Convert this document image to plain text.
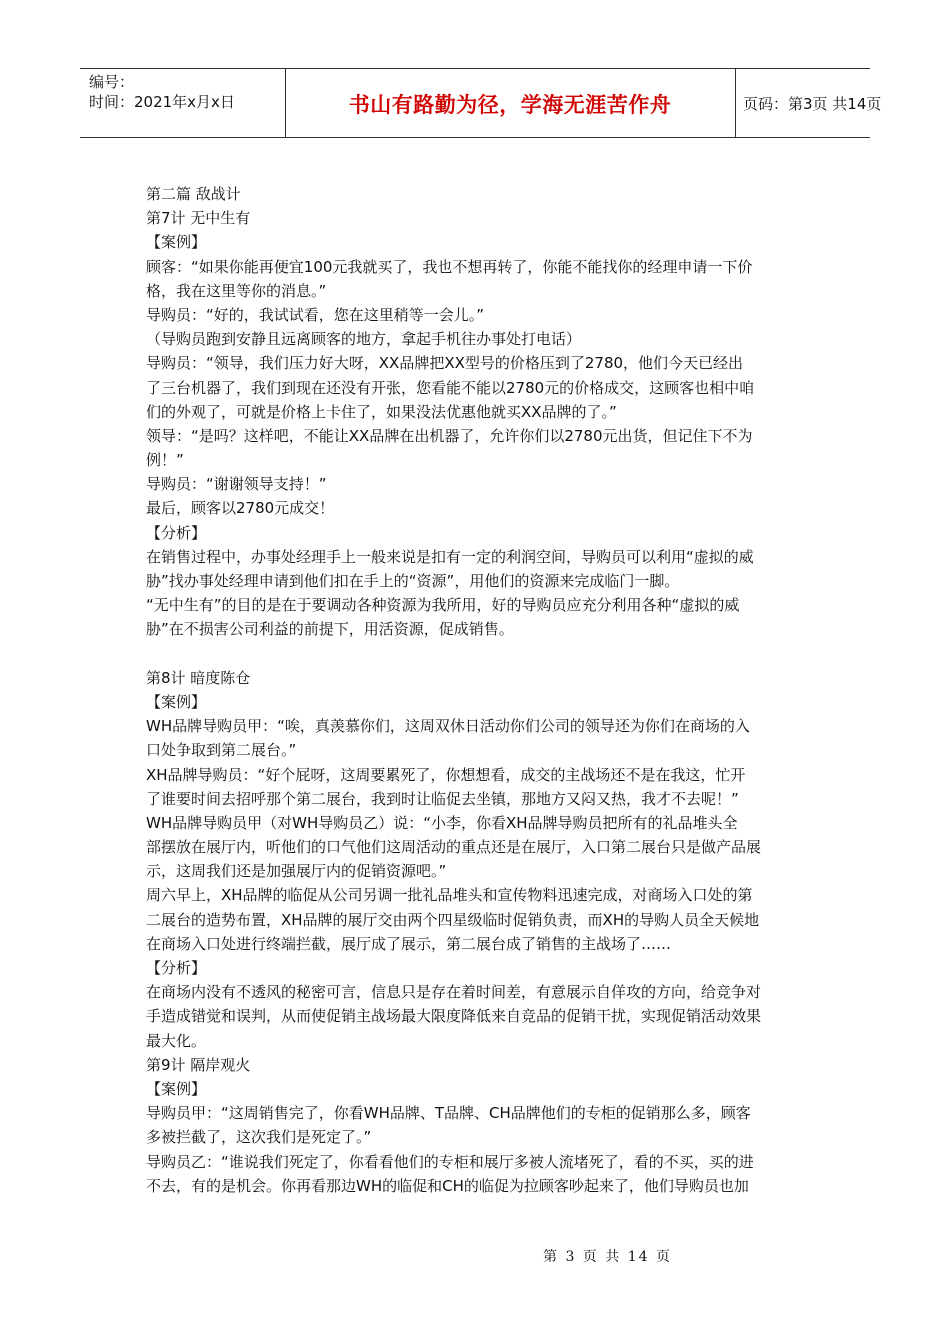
编号：
时间：2021年x月x日	书山有路勤为径，学海无涯苦作舟	页码：第3页 共14页
第二篇 敌战计
第7计 无中生有
【案例】
顾客：“如果你能再便宜100元我就买了，我也不想再转了，你能不能找你的经理申请一下价
格，我在这里等你的消息。”
导购员：“好的，我试试看，您在这里稍等一会儿。”
（导购员跑到安静且远离顾客的地方，拿起手机往办事处打电话）
导购员：“领导，我们压力好大呀，XX品牌把XX型号的价格压到了2780，他们今天已经出
了三台机器了，我们到现在还没有开张，您看能不能以2780元的价格成交，这顾客也相中咱
们的外观了，可就是价格上卡住了，如果没法优惠他就买XX品牌的了。”
领导：“是吗？这样吧，不能让XX品牌在出机器了，允许你们以2780元出货，但记住下不为
例！”
导购员：“谢谢领导支持！”
最后，顾客以2780元成交！
【分析】
在销售过程中，办事处经理手上一般来说是扣有一定的利润空间，导购员可以利用“虚拟的威
胁”找办事处经理申请到他们扣在手上的“资源”，用他们的资源来完成临门一脚。
“无中生有”的目的是在于要调动各种资源为我所用，好的导购员应充分利用各种“虚拟的威
胁”在不损害公司利益的前提下，用活资源，促成销售。
第8计 暗度陈仓
【案例】
WH品牌导购员甲：“唉，真羡慕你们，这周双休日活动你们公司的领导还为你们在商场的入
口处争取到第二展台。”
XH品牌导购员：“好个屁呀，这周要累死了，你想想看，成交的主战场还不是在我这，忙开
了谁要时间去招呼那个第二展台，我到时让临促去坐镇，那地方又闷又热，我才不去呢！”
WH品牌导购员甲（对WH导购员乙）说：“小李，你看XH品牌导购员把所有的礼品堆头全
部摆放在展厅内，听他们的口气他们这周活动的重点还是在展厅，入口第二展台只是做产品展
示，这周我们还是加强展厅内的促销资源吧。”
周六早上，XH品牌的临促从公司另调一批礼品堆头和宣传物料迅速完成，对商场入口处的第
二展台的造势布置，XH品牌的展厅交由两个四星级临时促销负责，而XH的导购人员全天候地
在商场入口处进行终端拦截，展厅成了展示，第二展台成了销售的主战场了……
【分析】
在商场内没有不透风的秘密可言，信息只是存在着时间差，有意展示自佯攻的方向，给竞争对
手造成错觉和误判，从而使促销主战场最大限度降低来自竞品的促销干扰，实现促销活动效果
最大化。
第9计 隔岸观火
【案例】
导购员甲：“这周销售完了，你看WH品牌、T品牌、CH品牌他们的专柜的促销那么多，顾客
多被拦截了，这次我们是死定了。”
导购员乙：“谁说我们死定了，你看看他们的专柜和展厅多被人流堵死了，看的不买，买的进
不去，有的是机会。你再看那边WH的临促和CH的临促为拉顾客吵起来了，他们导购员也加
第 3 页 共 14 页
